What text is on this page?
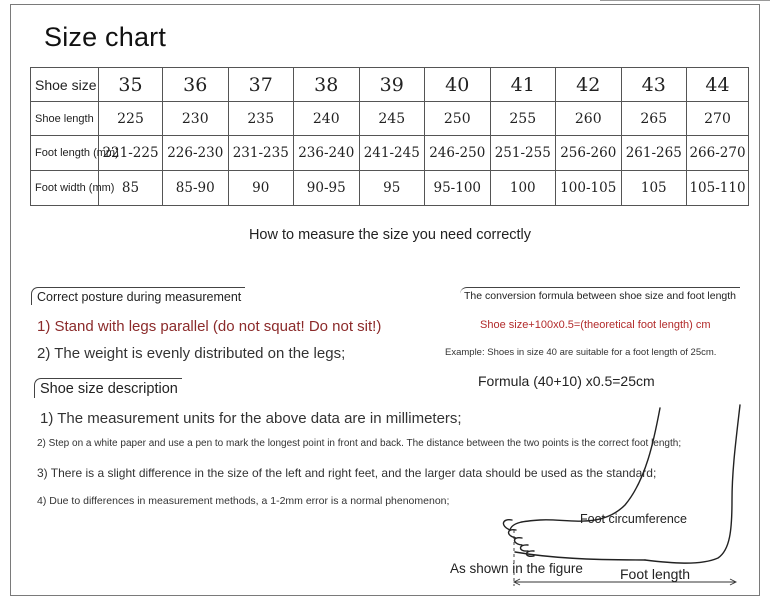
Size chart
Shoe size	35	36	37	38	39	40	41	42	43	44
Shoe length	225	230	235	240	245	250	255	260	265	270
Foot length (mm)	221-225	226-230	231-235	236-240	241-245	246-250	251-255	256-260	261-265	266-270
Foot width (mm)	85	85-90	90	90-95	95	95-100	100	100-105	105	105-110
How to measure the size you need correctly
Correct posture during measurement
1) Stand with legs parallel (do not squat! Do not sit!)
2) The weight is evenly distributed on the legs;
The conversion formula between shoe size and foot length
Shoe size+100x0.5=(theoretical foot length) cm
Example: Shoes in size 40 are suitable for a foot length of 25cm.
Formula (40+10) x0.5=25cm
Shoe size description
1) The measurement units for the above data are in millimeters;
2) Step on a white paper and use a pen to mark the longest point in front and back. The distance between the two points is the correct foot length;
3) There is a slight difference in the size of the left and right feet, and the larger data should be used as the standard;
4) Due to differences in measurement methods, a 1-2mm error is a normal phenomenon;
Foot circumference
As shown in the figure	Foot length
